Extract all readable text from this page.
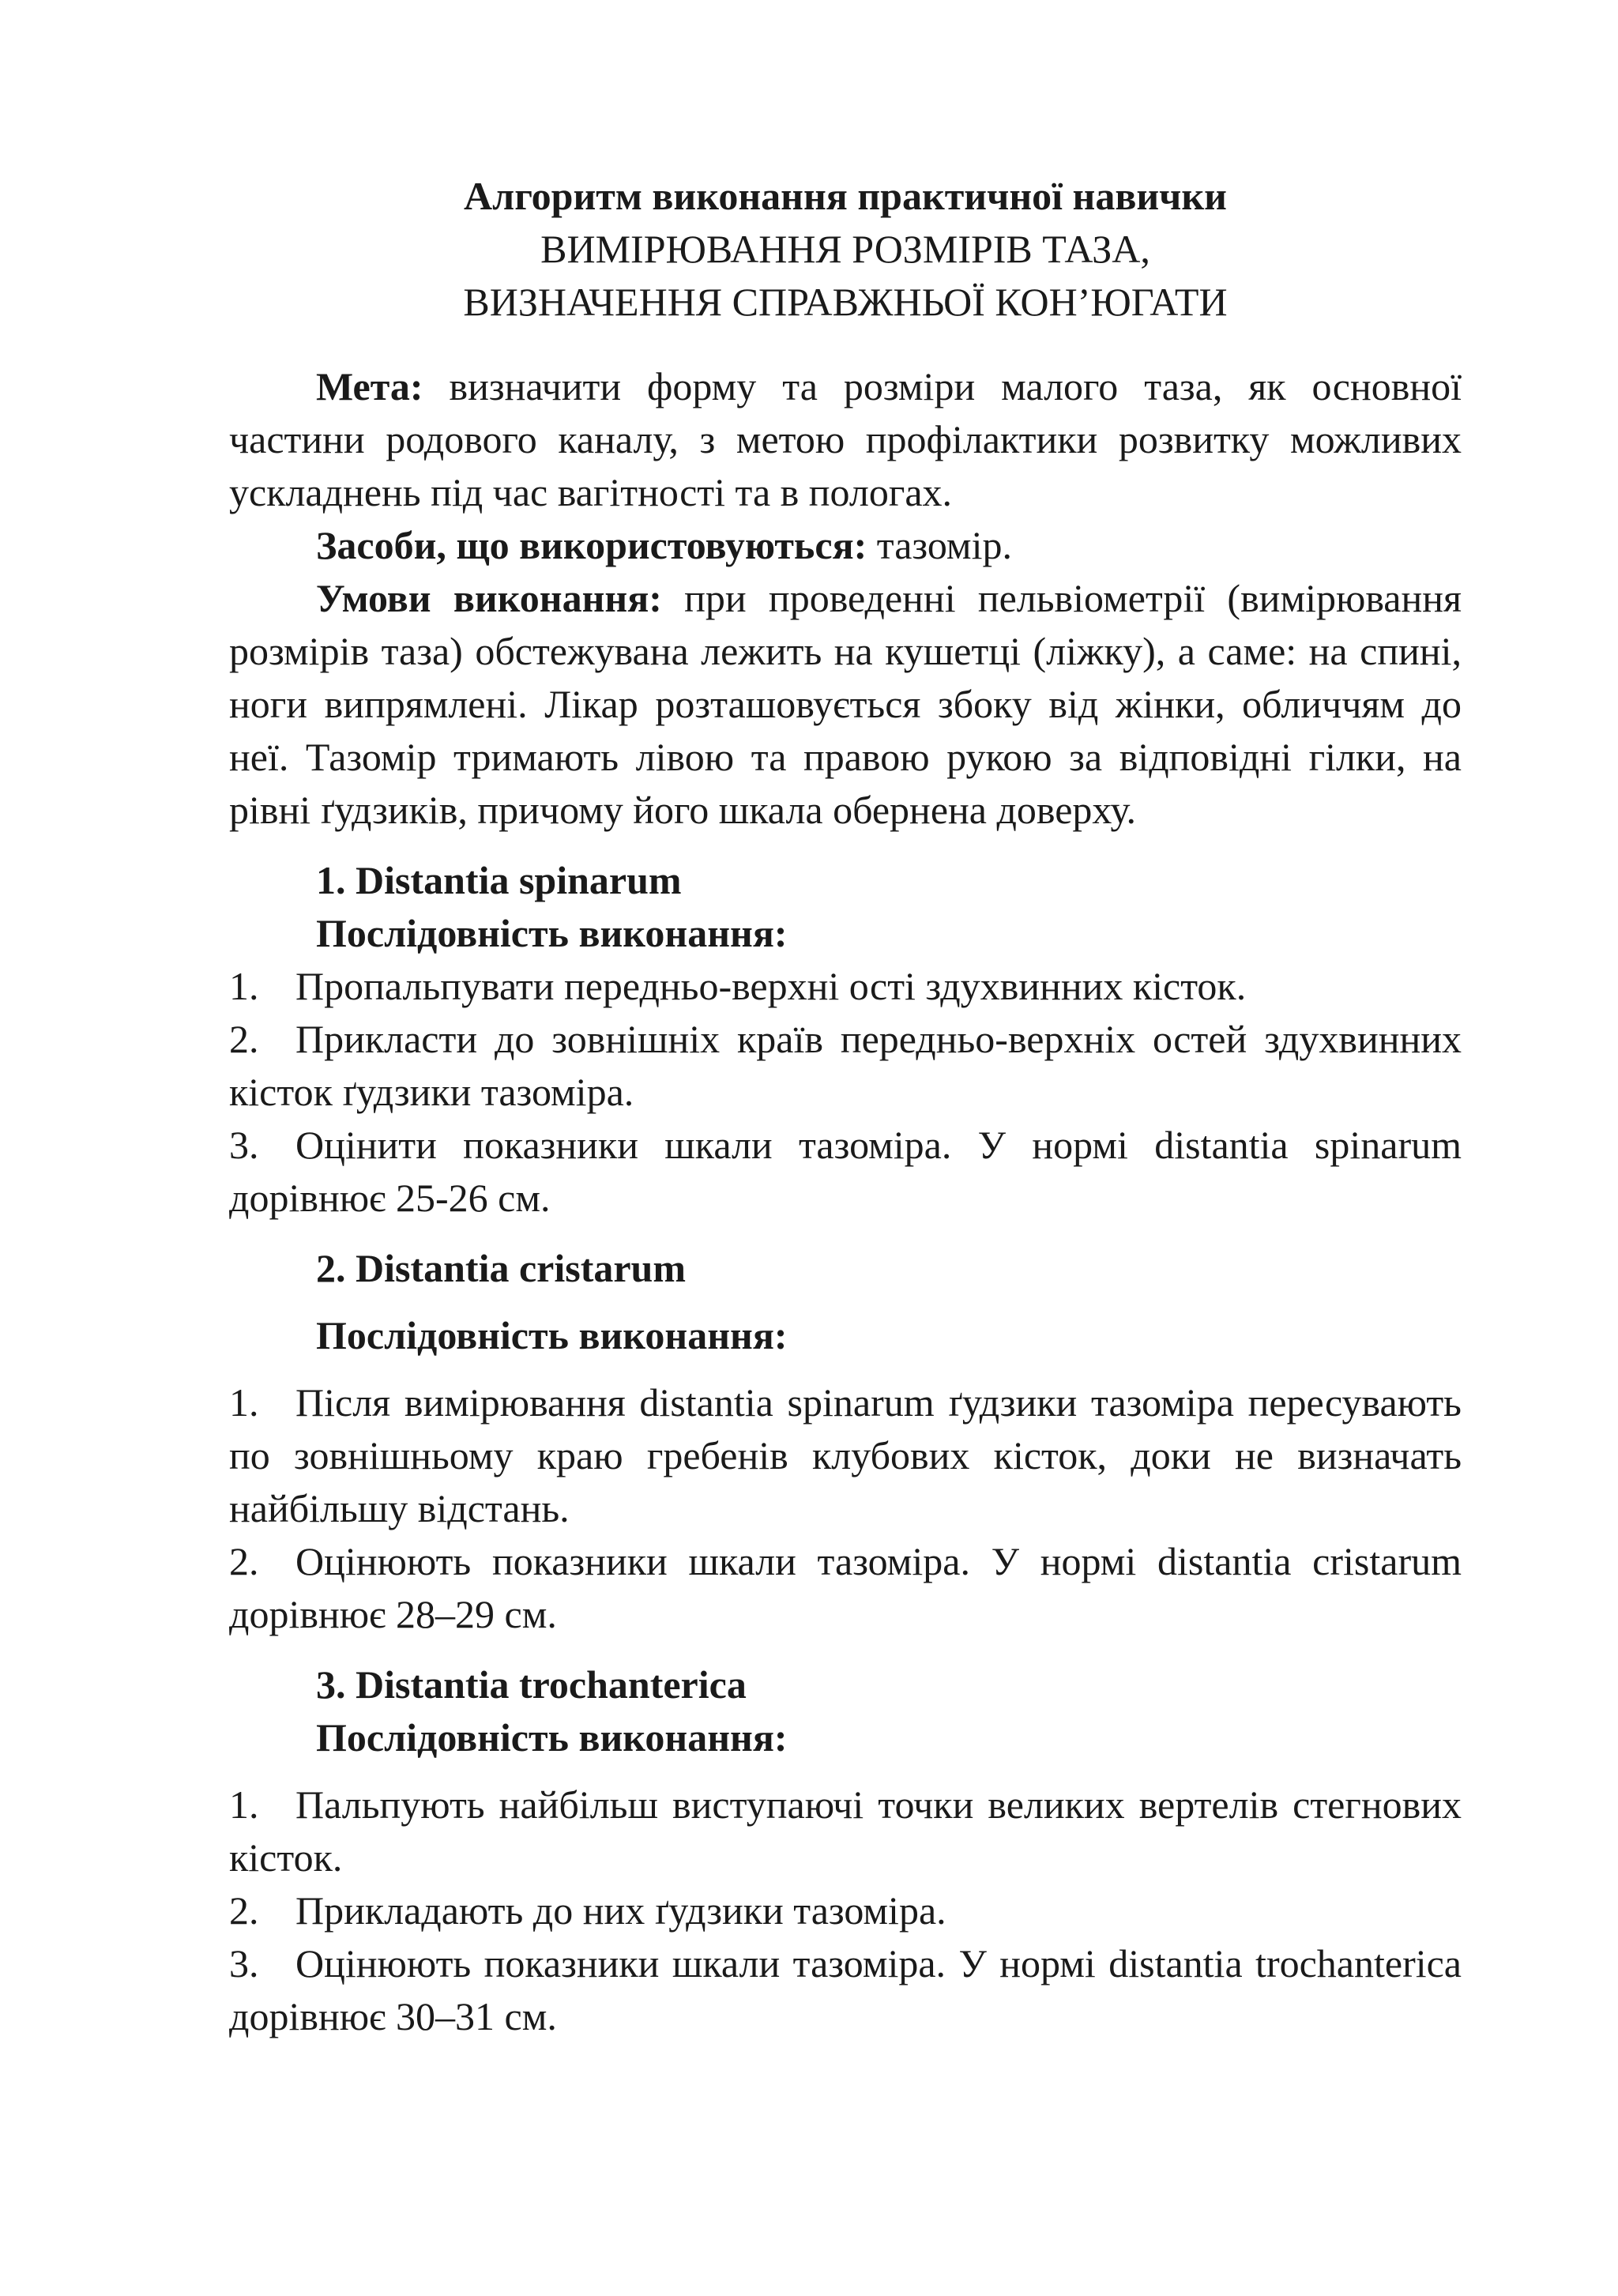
Алгоритм виконання практичної навички
ВИМІРЮВАННЯ РОЗМІРІВ ТАЗА,
ВИЗНАЧЕННЯ СПРАВЖНЬОЇ КОН’ЮГАТИ

Мета: визначити форму та розміри малого таза, як основної частини родового каналу, з метою профілактики розвитку можливих ускладнень під час вагітності та в пологах.

Засоби, що використовуються: тазомір.

Умови виконання: при проведенні пельвіометрії (вимірювання розмірів таза) обстежувана лежить на кушетці (ліжку), а саме: на спині, ноги випрямлені. Лікар розташовується збоку від жінки, обличчям до неї. Тазомір тримають лівою та правою рукою за відповідні гілки, на рівні ґудзиків, причому його шкала обернена доверху.

1. Distantia spinarum

Послідовність виконання:

1. Пропальпувати передньо-верхні ості здухвинних кісток.

2. Прикласти до зовнішніх країв передньо-верхніх остей здухвинних кісток ґудзики тазоміра.

3. Оцінити показники шкали тазоміра. У нормі distantia spinarum дорівнює 25-26 см.

2. Distantia cristarum

Послідовність виконання:

1. Після вимірювання distantia spinarum ґудзики тазоміра пересувають по зовнішньому краю гребенів клубових кісток, доки не визначать найбільшу відстань.

2. Оцінюють показники шкали тазоміра. У нормі distantia cristarum дорівнює 28–29 см.

3. Distantia trochanterica

Послідовність виконання:

1. Пальпують найбільш виступаючі точки великих вертелів стегнових кісток.

2. Прикладають до них ґудзики тазоміра.

3. Оцінюють показники шкали тазоміра. У нормі distantia trochanterica дорівнює 30–31 см.
